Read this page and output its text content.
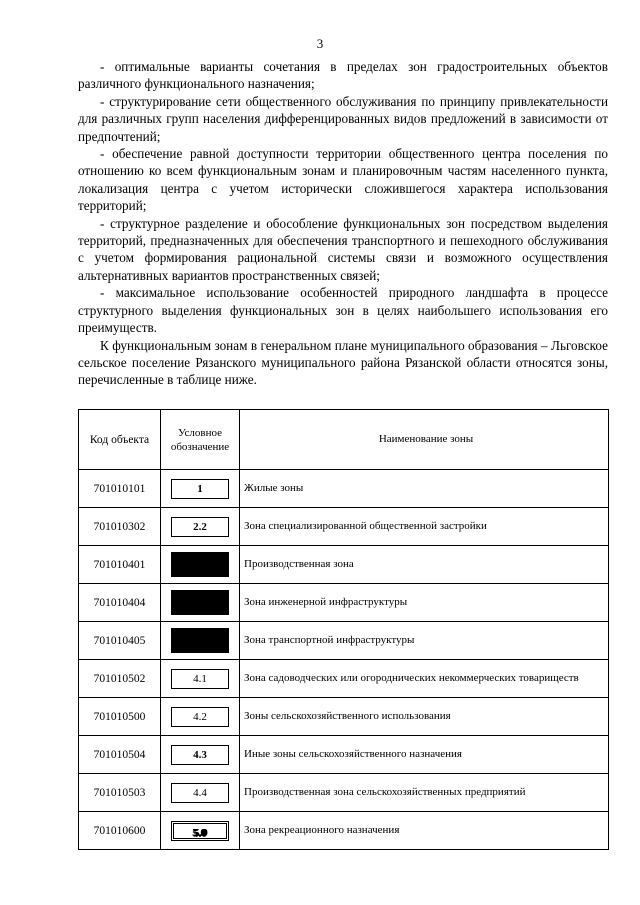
3

- оптимальные варианты сочетания в пределах зон градостроительных объектов различного функционального назначения;

- структурирование сети общественного обслуживания по принципу привлекательности для различных групп населения дифференцированных видов предложений в зависимости от предпочтений;

- обеспечение равной доступности территории общественного центра поселения по отношению ко всем функциональным зонам и планировочным частям населенного пункта, локализация центра с учетом исторически сложившегося характера использования территорий;

- структурное разделение и обособление функциональных зон посредством выделения территорий, предназначенных для обеспечения транспортного и пешеходного обслуживания с учетом формирования рациональной системы связи и возможного осуществления альтернативных вариантов пространственных связей;

- максимальное использование особенностей природного ландшафта в процессе структурного выделения функциональных зон в целях наибольшего использования его преимуществ.

К функциональным зонам в генеральном плане муниципального образования – Льговское сельское поселение Рязанского муниципального района Рязанской области относятся зоны, перечисленные в таблице ниже.

Код объекта	Условное обозначение	Наименование зоны
701010101	1	Жилые зоны
701010302	2.2	Зона специализированной общественной застройки
701010401		Производственная зона
701010404		Зона инженерной инфраструктуры
701010405		Зона транспортной инфраструктуры
701010502	4.1	Зона садоводческих или огороднических некоммерческих товариществ
701010500	4.2	Зоны сельскохозяйственного использования
701010504	4.3	Иные зоны сельскохозяйственного назначения
701010503	4.4	Производственная зона сельскохозяйственных предприятий
701010600	5.0	Зона рекреационного назначения
